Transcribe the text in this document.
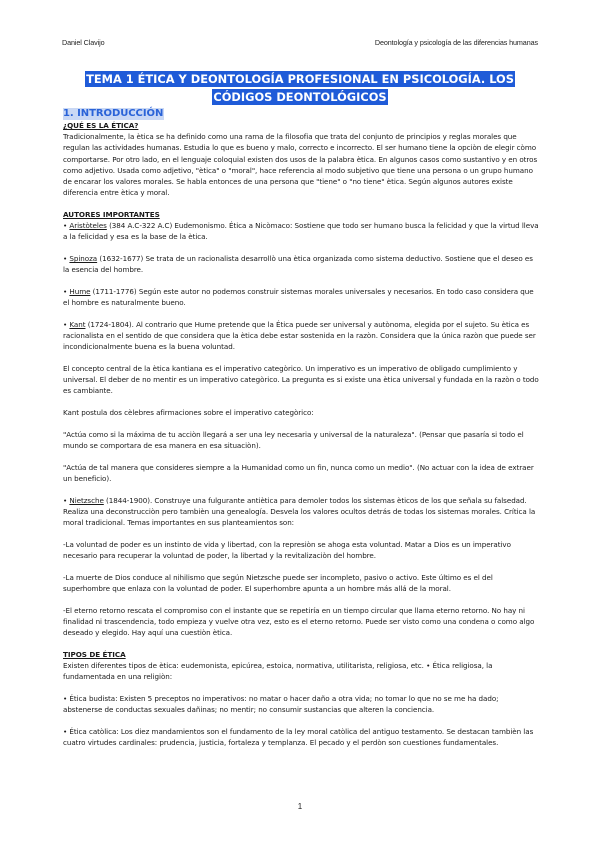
Daniel Clavijo	Deontología y psicología de las diferencias humanas
TEMA 1 ÉTICA Y DEONTOLOGÍA PROFESIONAL EN PSICOLOGÍA. LOS
CÓDIGOS DEONTOLÓGICOS
1. INTRODUCCIÓN
¿QUÉ ES LA ÉTICA?

Tradicionalmente, la ètica se ha definido como una rama de la filosofia que trata del conjunto de principios y reglas morales que regulan las actividades humanas. Estudia lo que es bueno y malo, correcto e incorrecto. El ser humano tiene la opciòn de elegir còmo comportarse. Por otro lado, en el lenguaje coloquial existen dos usos de la palabra ètica. En algunos casos como sustantivo y en otros como adjetivo. Usada como adjetivo, "ètica" o "moral", hace referencia al modo subjetivo que tiene una persona o un grupo humano de encarar los valores morales. Se habla entonces de una persona que "tiene" o "no tiene" ètica. Según algunos autores existe diferencia entre ètica y moral.

AUTORES IMPORTANTES

• Aristòteles (384 A.C-322 A.C) Eudemonismo. Ética a Nicòmaco: Sostiene que todo ser humano busca la felicidad y que la virtud lleva a la felicidad y esa es la base de la ètica.

• Spinoza (1632-1677) Se trata de un racionalista desarrollò una ètica organizada como sistema deductivo. Sostiene que el deseo es la esencia del hombre.

• Hume (1711-1776) Según este autor no podemos construir sistemas morales universales y necesarios. En todo caso considera que el hombre es naturalmente bueno.

• Kant (1724-1804). Al contrario que Hume pretende que la Ética puede ser universal y autònoma, elegida por el sujeto. Su ètica es racionalista en el sentido de que considera que la ètica debe estar sostenida en la razòn. Considera que la única razòn que puede ser incondicionalmente buena es la buena voluntad.

El concepto central de la ètica kantiana es el imperativo categòrico. Un imperativo es un imperativo de obligado cumplimiento y universal. El deber de no mentir es un imperativo categòrico. La pregunta es si existe una ètica universal y fundada en la razòn o todo es cambiante.

Kant postula dos cèlebres afirmaciones sobre el imperativo categòrico:

"Actúa como si la máxima de tu acciòn llegará a ser una ley necesaria y universal de la naturaleza". (Pensar que pasaría si todo el mundo se comportara de esa manera en esa situaciòn).

"Actúa de tal manera que consideres siempre a la Humanidad como un fin, nunca como un medio". (No actuar con la idea de extraer un beneficio).

• Nietzsche (1844-1900). Construye una fulgurante antiètica para demoler todos los sistemas èticos de los que señala su falsedad. Realiza una deconstrucciòn pero tambièn una genealogía. Desvela los valores ocultos detrás de todas los sistemas morales. Crítica la moral tradicional. Temas importantes en sus planteamientos son:

-La voluntad de poder es un instinto de vida y libertad, con la represiòn se ahoga esta voluntad. Matar a Dios es un imperativo necesario para recuperar la voluntad de poder, la libertad y la revitalizaciòn del hombre.

-La muerte de Dios conduce al nihilismo que según Nietzsche puede ser incompleto, pasivo o activo. Este último es el del superhombre que enlaza con la voluntad de poder. El superhombre apunta a un hombre más allá de la moral.

-El eterno retorno rescata el compromiso con el instante que se repetiría en un tiempo circular que llama eterno retorno. No hay ni finalidad ni trascendencia, todo empieza y vuelve otra vez, esto es el eterno retorno. Puede ser visto como una condena o como algo deseado y elegido. Hay aquí una cuestiòn ètica.

TIPOS DE ÉTICA

Existen diferentes tipos de ètica: eudemonista, epicúrea, estoica, normativa, utilitarista, religiosa, etc. • Ética religiosa, la fundamentada en una religiòn:

• Ética budista: Existen 5 preceptos no imperativos: no matar o hacer daño a otra vida; no tomar lo que no se me ha dado; abstenerse de conductas sexuales dañinas; no mentir; no consumir sustancias que alteren la conciencia.

• Ética catòlica: Los diez mandamientos son el fundamento de la ley moral catòlica del antiguo testamento. Se destacan tambièn las cuatro virtudes cardinales: prudencia, justicia, fortaleza y templanza. El pecado y el perdòn son cuestiones fundamentales.

1
